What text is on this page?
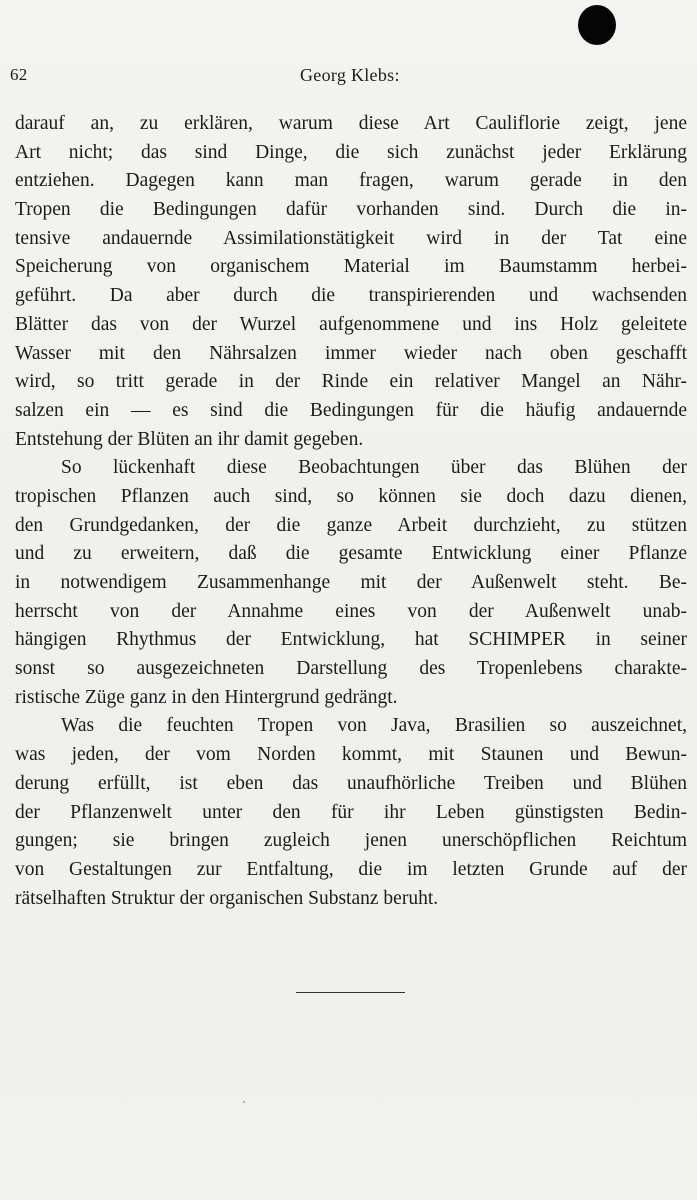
62	Georg Klebs:
darauf an, zu erklären, warum diese Art Cauliflorie zeigt, jene
Art nicht; das sind Dinge, die sich zunächst jeder Erklärung
entziehen. Dagegen kann man fragen, warum gerade in den
Tropen die Bedingungen dafür vorhanden sind. Durch die in-
tensive andauernde Assimilationstätigkeit wird in der Tat eine
Speicherung von organischem Material im Baumstamm herbei-
geführt. Da aber durch die transpirierenden und wachsenden
Blätter das von der Wurzel aufgenommene und ins Holz geleitete
Wasser mit den Nährsalzen immer wieder nach oben geschafft
wird, so tritt gerade in der Rinde ein relativer Mangel an Nähr-
salzen ein — es sind die Bedingungen für die häufig andauernde
Entstehung der Blüten an ihr damit gegeben.
So lückenhaft diese Beobachtungen über das Blühen der
tropischen Pflanzen auch sind, so können sie doch dazu dienen,
den Grundgedanken, der die ganze Arbeit durchzieht, zu stützen
und zu erweitern, daß die gesamte Entwicklung einer Pflanze
in notwendigem Zusammenhange mit der Außenwelt steht. Be-
herrscht von der Annahme eines von der Außenwelt unab-
hängigen Rhythmus der Entwicklung, hat SCHIMPER in seiner
sonst so ausgezeichneten Darstellung des Tropenlebens charakte-
ristische Züge ganz in den Hintergrund gedrängt.
Was die feuchten Tropen von Java, Brasilien so auszeichnet,
was jeden, der vom Norden kommt, mit Staunen und Bewun-
derung erfüllt, ist eben das unaufhörliche Treiben und Blühen
der Pflanzenwelt unter den für ihr Leben günstigsten Bedin-
gungen; sie bringen zugleich jenen unerschöpflichen Reichtum
von Gestaltungen zur Entfaltung, die im letzten Grunde auf der
rätselhaften Struktur der organischen Substanz beruht.
